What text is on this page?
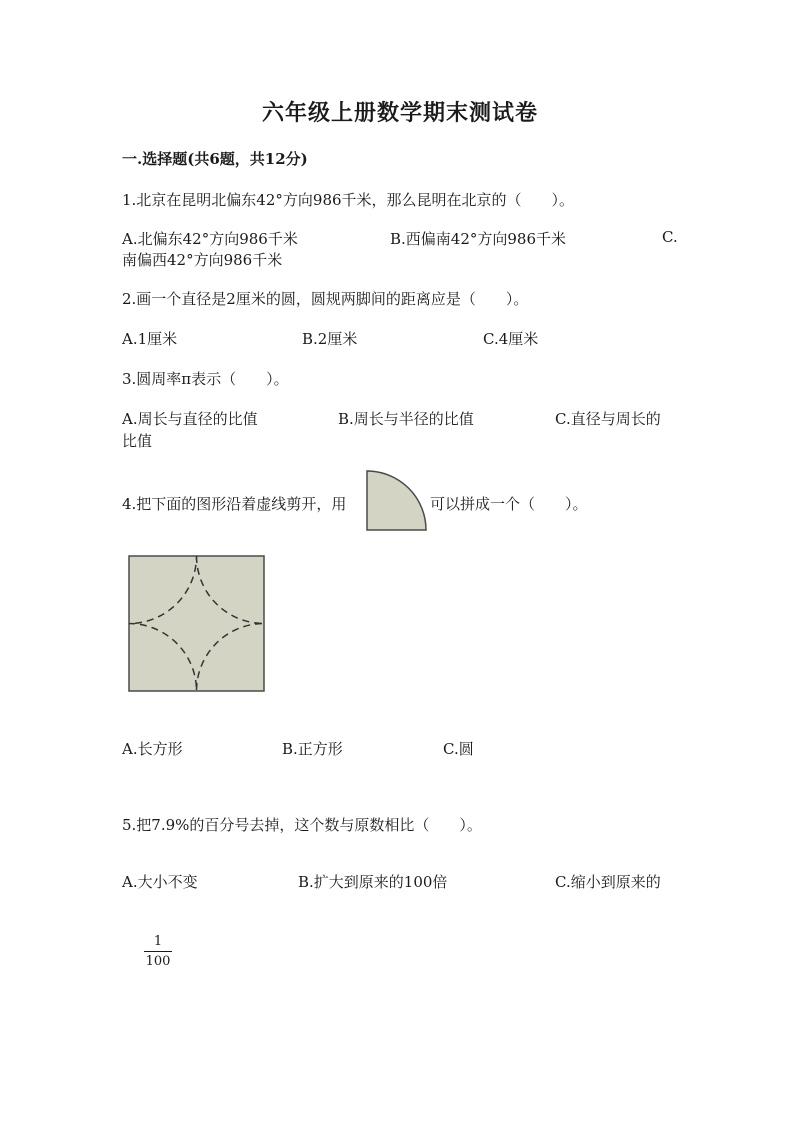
六年级上册数学期末测试卷
一.选择题(共6题，共12分)
1.北京在昆明北偏东42°方向986千米，那么昆明在北京的（　　）。
A.北偏东42°方向986千米	B.西偏南42°方向986千米	C.
南偏西42°方向986千米
2.画一个直径是2厘米的圆，圆规两脚间的距离应是（　　）。
A.1厘米	B.2厘米	C.4厘米
3.圆周率π表示（　　）。
A.周长与直径的比值	B.周长与半径的比值	C.直径与周长的
比值
4.把下面的图形沿着虚线剪开，用	可以拼成一个（　　）。
A.长方形	B.正方形	C.圆
5.把7.9%的百分号去掉，这个数与原数相比（　　）。
A.大小不变	B.扩大到原来的100倍	C.缩小到原来的
1
100
